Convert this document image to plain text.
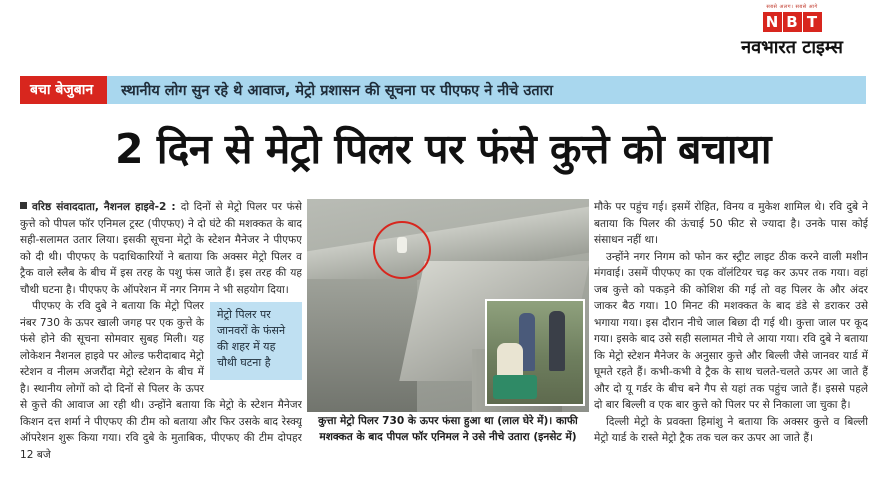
सबसे अलग। सबसे आगे
N B T
नवभारत टाइम्स
बचा बेजुबान	स्थानीय लोग सुन रहे थे आवाज, मेट्रो प्रशासन की सूचना पर पीएफए ने नीचे उतारा
2 दिन से मेट्रो पिलर पर फंसे कुत्ते को बचाया

वरिष्ठ संवाददाता, नैशनल हाइवे-2 : दो दिनों से मेट्रो पिलर पर फंसे कुत्ते को पीपल फॉर एनिमल ट्रस्ट (पीएफए) ने दो घंटे की मशक्कत के बाद सही-सलामत उतार लिया। इसकी सूचना मेट्रो के स्टेशन मैनेजर ने पीएफए को दी थी। पीएफए के पदाधिकारियों ने बताया कि अक्सर मेट्रो पिलर व ट्रैक वाले स्लैब के बीच में इस तरह के पशु फंस जाते हैं। इस तरह की यह चौथी घटना है। पीएफए के ऑपरेशन में नगर निगम ने भी सहयोग दिया।

मेट्रो पिलर पर जानवरों के फंसने की शहर में यह चौथी घटना है

पीएफए के रवि दुबे ने बताया कि मेट्रो पिलर नंबर 730 के ऊपर खाली जगह पर एक कुत्ते के फंसे होने की सूचना सोमवार सुबह मिली। यह लोकेशन नैशनल हाइवे पर ओल्ड फरीदाबाद मेट्रो स्टेशन व नीलम अजरौंदा मेट्रो स्टेशन के बीच में है। स्थानीय लोगों को दो दिनों से पिलर के ऊपर से कुत्ते की आवाज आ रही थी। उन्होंने बताया कि मेट्रो के स्टेशन मैनेजर किशन दत्त शर्मा ने पीएफए की टीम को बताया और फिर उसके बाद रेस्क्यू ऑपरेशन शुरू किया गया। रवि दुबे के मुताबिक, पीएफए की टीम दोपहर 12 बजे

कुत्ता मेट्रो पिलर 730 के ऊपर फंसा हुआ था (लाल घेरे में)। काफी मशक्कत के बाद पीपल फॉर एनिमल ने उसे नीचे उतारा (इनसेट में)

मौके पर पहुंच गई। इसमें रोहित, विनय व मुकेश शामिल थे। रवि दुबे ने बताया कि पिलर की ऊंचाई 50 फीट से ज्यादा है। उनके पास कोई संसाधन नहीं था।

उन्होंने नगर निगम को फोन कर स्ट्रीट लाइट ठीक करने वाली मशीन मंगवाई। उसमें पीएफए का एक वॉलंटियर चढ़ कर ऊपर तक गया। वहां जब कुत्ते को पकड़ने की कोशिश की गई तो वह पिलर के और अंदर जाकर बैठ गया। 10 मिनट की मशक्कत के बाद डंडे से डराकर उसे भगाया गया। इस दौरान नीचे जाल बिछा दी गई थी। कुत्ता जाल पर कूद गया। इसके बाद उसे सही सलामत नीचे ले आया गया। रवि दुबे ने बताया कि मेट्रो स्टेशन मैनेजर के अनुसार कुत्ते और बिल्ली जैसे जानवर यार्ड में घूमते रहते हैं। कभी-कभी वे ट्रैक के साथ चलते-चलते ऊपर आ जाते हैं और दो यू गर्डर के बीच बने गैप से यहां तक पहुंच जाते हैं। इससे पहले दो बार बिल्ली व एक बार कुत्ते को पिलर पर से निकाला जा चुका है।

दिल्ली मेट्रो के प्रवक्ता हिमांशु ने बताया कि अक्सर कुत्ते व बिल्ली मेट्रो यार्ड के रास्ते मेट्रो ट्रैक तक चल कर ऊपर आ जाते हैं।
